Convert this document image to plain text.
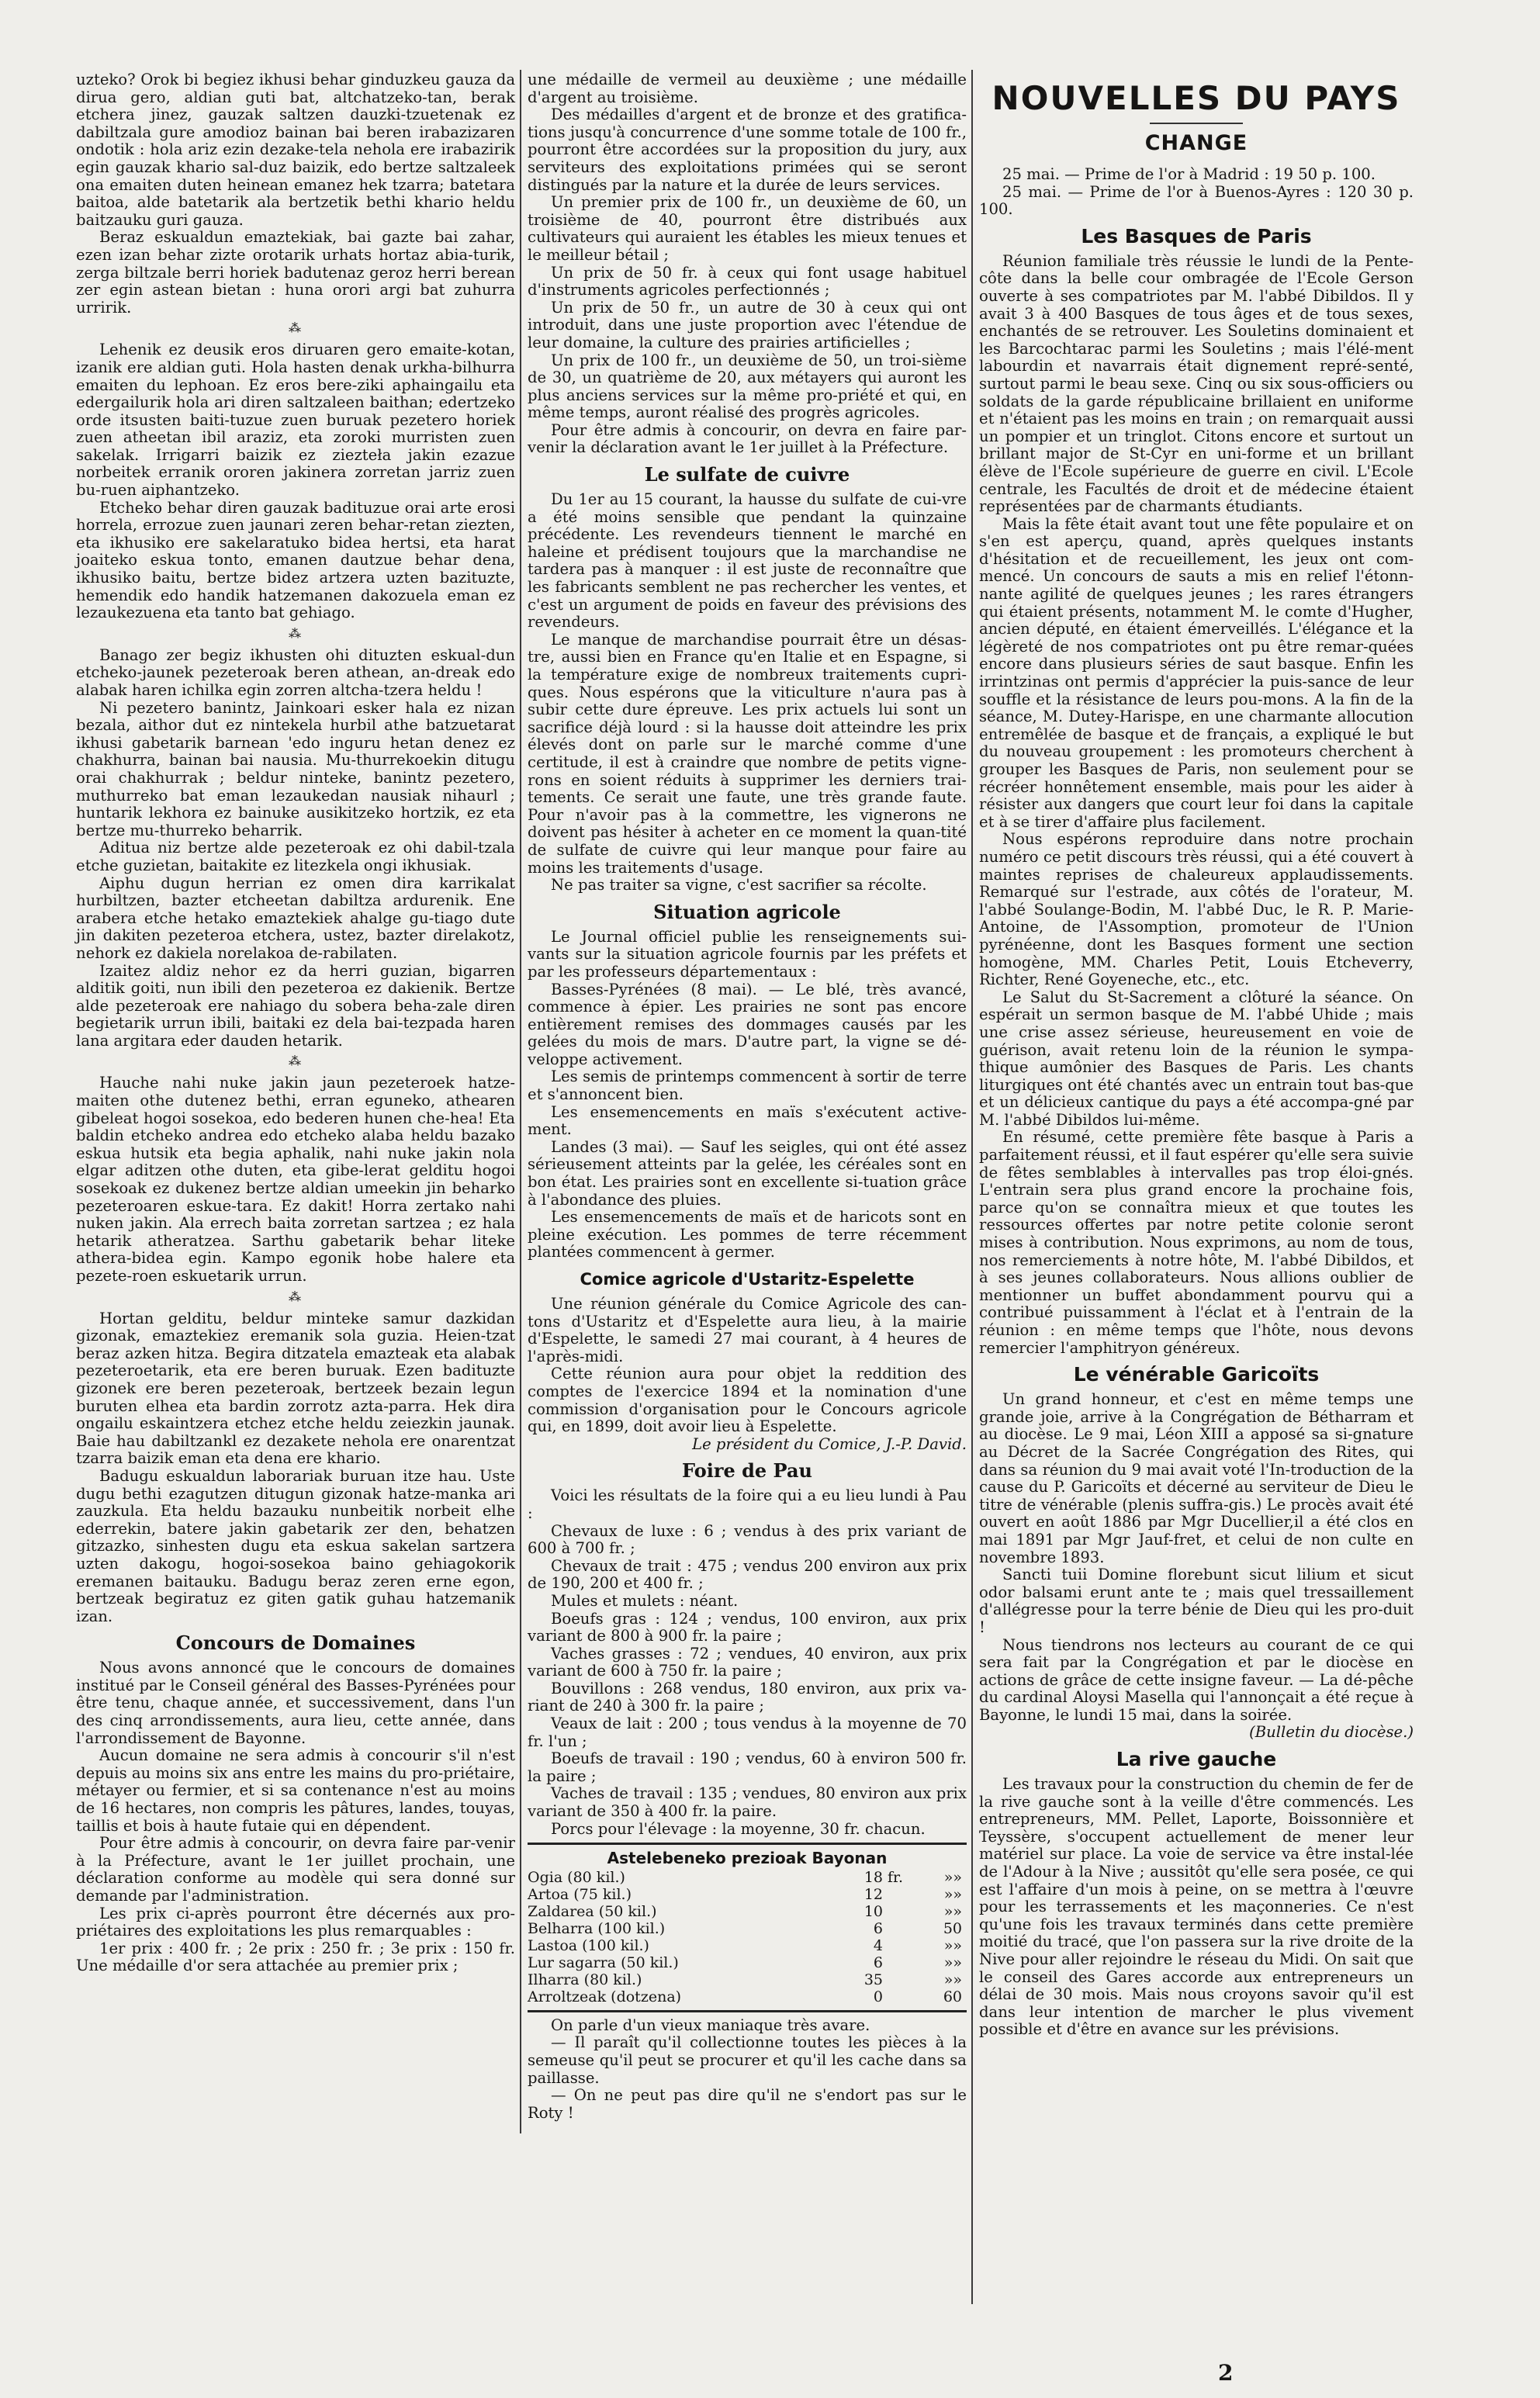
uzteko? Orok bi begiez ikhusi behar ginduzkeu gauza da dirua gero, aldian guti bat, altchatzeko-tan, berak etchera jinez, gauzak saltzen dauzki-tzuetenak ez dabiltzala gure amodioz bainan bai beren irabazizaren ondotik : hola ariz ezin dezake-tela nehola ere irabazirik egin gauzak khario sal-duz baizik, edo bertze saltzaleek ona emaiten duten heinean emanez hek tzarra; batetara baitoa, alde batetarik ala bertzetik bethi khario heldu baitzauku guri gauza.

Beraz eskualdun emaztekiak, bai gazte bai zahar, ezen izan behar zizte orotarik urhats hortaz abia-turik, zerga biltzale berri horiek badutenaz geroz herri berean zer egin astean bietan : huna orori argi bat zuhurra urririk.

⁂

Lehenik ez deusik eros diruaren gero emaite-kotan, izanik ere aldian guti. Hola hasten denak urkha-bilhurra emaiten du lephoan. Ez eros bere-ziki aphaingailu eta edergailurik hola ari diren saltzaleen baithan; edertzeko orde itsusten baiti-tuzue zuen buruak pezetero horiek zuen atheetan ibil araziz, eta zoroki murristen zuen sakelak. Irrigarri baizik ez ziezteła jakin ezazue norbeitek erranik ororen jakinera zorretan jarriz zuen bu-ruen aiphantzeko.

Etcheko behar diren gauzak badituzue orai arte erosi horrela, errozue zuen jaunari zeren behar-retan ziezten, eta ikhusiko ere sakelaratuko bidea hertsi, eta harat joaiteko eskua tonto, emanen dautzue behar dena, ikhusiko baitu, bertze bidez artzera uzten bazituzte, hemendik edo handik hatzemanen dakozuela eman ez lezaukezuena eta tanto bat gehiago.

⁂

Banago zer begiz ikhusten ohi dituzten eskual-dun etcheko-jaunek pezeteroak beren athean, an-dreak edo alabak haren ichilka egin zorren altcha-tzera heldu !

Ni pezetero banintz, Jainkoari esker hala ez nizan bezala, aithor dut ez nintekela hurbil athe batzuetarat ikhusi gabetarik barnean 'edo inguru hetan denez ez chakhurra, bainan bai nausia. Mu-thurrekoekin ditugu orai chakhurrak ; beldur ninteke, banintz pezetero, muthurreko bat eman lezaukedan nausiak nihaurl ; huntarik lekhora ez bainuke ausikitzeko hortzik, ez eta bertze mu-thurreko beharrik.

Aditua niz bertze alde pezeteroak ez ohi dabil-tzala etche guzietan, baitakite ez litezkela ongi ikhusiak.

Aiphu dugun herrian ez omen dira karrikalat hurbiltzen, bazter etcheetan dabiltza ardurenik. Ene arabera etche hetako emaztekiek ahalge gu-tiago dute jin dakiten pezeteroa etchera, ustez, bazter direlakotz, nehork ez dakiela norelakoa de-rabilaten.

Izaitez aldiz nehor ez da herri guzian, bigarren alditik goiti, nun ibili den pezeteroa ez dakienik. Bertze alde pezeteroak ere nahiago du sobera beha-zale diren begietarik urrun ibili, baitaki ez dela bai-tezpada haren lana argitara eder dauden hetarik.

⁂

Hauche nahi nuke jakin jaun pezeteroek hatze-maiten othe dutenez bethi, erran eguneko, athearen gibeleat hogoi sosekoa, edo bederen hunen che-hea! Eta baldin etcheko andrea edo etcheko alaba heldu bazako eskua hutsik eta begia aphalik, nahi nuke jakin nola elgar aditzen othe duten, eta gibe-lerat gelditu hogoi sosekoak ez dukenez bertze aldian umeekin jin beharko pezeteroaren eskue-tara. Ez dakit! Horra zertako nahi nuken jakin. Ala errech baita zorretan sartzea ; ez hala hetarik atheratzea. Sarthu gabetarik behar liteke athera-bidea egin. Kampo egonik hobe halere eta pezete-roen eskuetarik urrun.

⁂

Hortan gelditu, beldur minteke samur dazkidan gizonak, emaztekiez eremanik sola guzia. Heien-tzat beraz azken hitza. Begira ditzatela emazteak eta alabak pezeteroetarik, eta ere beren buruak. Ezen badituzte gizonek ere beren pezeteroak, bertzeek bezain legun buruten elhea eta bardin zorrotz azta-parra. Hek dira ongailu eskaintzera etchez etche heldu zeiezkin jaunak. Baie hau dabiltzankl ez dezakete nehola ere onarentzat tzarra baizik eman eta dena ere khario.

Badugu eskualdun laborariak buruan itze hau. Uste dugu bethi ezagutzen ditugun gizonak hatze-manka ari zauzkula. Eta heldu bazauku nunbeitik norbeit elhe ederrekin, batere jakin gabetarik zer den, behatzen gitzazko, sinhesten dugu eta eskua sakelan sartzera uzten dakogu, hogoi-sosekoa baino gehiagokorik eremanen baitauku. Badugu beraz zeren erne egon, bertzeak begiratuz ez giten gatik guhau hatzemanik izan.

Concours de Domaines

Nous avons annoncé que le concours de domaines institué par le Conseil général des Basses-Pyrénées pour être tenu, chaque année, et successivement, dans l'un des cinq arrondissements, aura lieu, cette année, dans l'arrondissement de Bayonne.

Aucun domaine ne sera admis à concourir s'il n'est depuis au moins six ans entre les mains du pro-priétaire, métayer ou fermier, et si sa contenance n'est au moins de 16 hectares, non compris les pâtures, landes, touyas, taillis et bois à haute futaie qui en dépendent.

Pour être admis à concourir, on devra faire par-venir à la Préfecture, avant le 1er juillet prochain, une déclaration conforme au modèle qui sera donné sur demande par l'administration.

Les prix ci-après pourront être décernés aux pro-priétaires des exploitations les plus remarquables :

1er prix : 400 fr. ; 2e prix : 250 fr. ; 3e prix : 150 fr. Une médaille d'or sera attachée au premier prix ;

une médaille de vermeil au deuxième ; une médaille d'argent au troisième.

Des médailles d'argent et de bronze et des gratifica-tions jusqu'à concurrence d'une somme totale de 100 fr., pourront être accordées sur la proposition du jury, aux serviteurs des exploitations primées qui se seront distingués par la nature et la durée de leurs services.

Un premier prix de 100 fr., un deuxième de 60, un troisième de 40, pourront être distribués aux cultivateurs qui auraient les étables les mieux tenues et le meilleur bétail ;

Un prix de 50 fr. à ceux qui font usage habituel d'instruments agricoles perfectionnés ;

Un prix de 50 fr., un autre de 30 à ceux qui ont introduit, dans une juste proportion avec l'étendue de leur domaine, la culture des prairies artificielles ;

Un prix de 100 fr., un deuxième de 50, un troi-sième de 30, un quatrième de 20, aux métayers qui auront les plus anciens services sur la même pro-priété et qui, en même temps, auront réalisé des progrès agricoles.

Pour être admis à concourir, on devra en faire par-venir la déclaration avant le 1er juillet à la Préfecture.

Le sulfate de cuivre

Du 1er au 15 courant, la hausse du sulfate de cui-vre a été moins sensible que pendant la quinzaine précédente. Les revendeurs tiennent le marché en haleine et prédisent toujours que la marchandise ne tardera pas à manquer : il est juste de reconnaître que les fabricants semblent ne pas rechercher les ventes, et c'est un argument de poids en faveur des prévisions des revendeurs.

Le manque de marchandise pourrait être un désas-tre, aussi bien en France qu'en Italie et en Espagne, si la température exige de nombreux traitements cupri-ques. Nous espérons que la viticulture n'aura pas à subir cette dure épreuve. Les prix actuels lui sont un sacrifice déjà lourd : si la hausse doit atteindre les prix élevés dont on parle sur le marché comme d'une certitude, il est à craindre que nombre de petits vigne-rons en soient réduits à supprimer les derniers trai-tements. Ce serait une faute, une très grande faute. Pour n'avoir pas à la commettre, les vignerons ne doivent pas hésiter à acheter en ce moment la quan-tité de sulfate de cuivre qui leur manque pour faire au moins les traitements d'usage.

Ne pas traiter sa vigne, c'est sacrifier sa récolte.

Situation agricole

Le Journal officiel publie les renseignements sui-vants sur la situation agricole fournis par les préfets et par les professeurs départementaux :

Basses-Pyrénées (8 mai). — Le blé, très avancé, commence à épier. Les prairies ne sont pas encore entièrement remises des dommages causés par les gelées du mois de mars. D'autre part, la vigne se dé-veloppe activement.

Les semis de printemps commencent à sortir de terre et s'annoncent bien.

Les ensemencements en maïs s'exécutent active-ment.

Landes (3 mai). — Sauf les seigles, qui ont été assez sérieusement atteints par la gelée, les céréales sont en bon état. Les prairies sont en excellente si-tuation grâce à l'abondance des pluies.

Les ensemencements de maïs et de haricots sont en pleine exécution. Les pommes de terre récemment plantées commencent à germer.

Comice agricole d'Ustaritz-Espelette

Une réunion générale du Comice Agricole des can-tons d'Ustaritz et d'Espelette aura lieu, à la mairie d'Espelette, le samedi 27 mai courant, à 4 heures de l'après-midi.

Cette réunion aura pour objet la reddition des comptes de l'exercice 1894 et la nomination d'une commission d'organisation pour le Concours agricole qui, en 1899, doit avoir lieu à Espelette.

Le président du Comice, J.-P. David.
Foire de Pau

Voici les résultats de la foire qui a eu lieu lundi à Pau :

Chevaux de luxe : 6 ; vendus à des prix variant de 600 à 700 fr. ;

Chevaux de trait : 475 ; vendus 200 environ aux prix de 190, 200 et 400 fr. ;

Mules et mulets : néant.

Boeufs gras : 124 ; vendus, 100 environ, aux prix variant de 800 à 900 fr. la paire ;

Vaches grasses : 72 ; vendues, 40 environ, aux prix variant de 600 à 750 fr. la paire ;

Bouvillons : 268 vendus, 180 environ, aux prix va-riant de 240 à 300 fr. la paire ;

Veaux de lait : 200 ; tous vendus à la moyenne de 70 fr. l'un ;

Boeufs de travail : 190 ; vendus, 60 à environ 500 fr. la paire ;

Vaches de travail : 135 ; vendues, 80 environ aux prix variant de 350 à 400 fr. la paire.

Porcs pour l'élevage : la moyenne, 30 fr. chacun.

Astelebeneko prezioak Bayonan
Ogia (80 kil.)	18	fr.	»»
Artoa (75 kil.)	12		»»
Zaldarea (50 kil.)	10		»»
Belharra (100 kil.)	6		50
Lastoa (100 kil.)	4		»»
Lur sagarra (50 kil.)	6		»»
Ilharra (80 kil.)	35		»»
Arroltzeak (dotzena)	0		60

On parle d'un vieux maniaque très avare.

— Il paraît qu'il collectionne toutes les pièces à la semeuse qu'il peut se procurer et qu'il les cache dans sa paillasse.

— On ne peut pas dire qu'il ne s'endort pas sur le Roty !

NOUVELLES DU PAYS
CHANGE

25 mai. — Prime de l'or à Madrid : 19 50 p. 100.

25 mai. — Prime de l'or à Buenos-Ayres : 120 30 p. 100.

Les Basques de Paris

Réunion familiale très réussie le lundi de la Pente-côte dans la belle cour ombragée de l'Ecole Gerson ouverte à ses compatriotes par M. l'abbé Dibildos. Il y avait 3 à 400 Basques de tous âges et de tous sexes, enchantés de se retrouver. Les Souletins dominaient et les Barcochtarac parmi les Souletins ; mais l'élé-ment labourdin et navarrais était dignement repré-senté, surtout parmi le beau sexe. Cinq ou six sous-officiers ou soldats de la garde républicaine brillaient en uniforme et n'étaient pas les moins en train ; on remarquait aussi un pompier et un tringlot. Citons encore et surtout un brillant major de St-Cyr en uni-forme et un brillant élève de l'Ecole supérieure de guerre en civil. L'Ecole centrale, les Facultés de droit et de médecine étaient représentées par de charmants étudiants.

Mais la fête était avant tout une fête populaire et on s'en est aperçu, quand, après quelques instants d'hésitation et de recueillement, les jeux ont com-mencé. Un concours de sauts a mis en relief l'étonn-nante agilité de quelques jeunes ; les rares étrangers qui étaient présents, notamment M. le comte d'Hugher, ancien député, en étaient émerveillés. L'élégance et la légèreté de nos compatriotes ont pu être remar-quées encore dans plusieurs séries de saut basque. Enfin les irrintzinas ont permis d'apprécier la puis-sance de leur souffle et la résistance de leurs pou-mons. A la fin de la séance, M. Dutey-Harispe, en une charmante allocution entremêlée de basque et de français, a expliqué le but du nouveau groupement : les promoteurs cherchent à grouper les Basques de Paris, non seulement pour se récréer honnêtement ensemble, mais pour les aider à résister aux dangers que court leur foi dans la capitale et à se tirer d'affaire plus facilement.

Nous espérons reproduire dans notre prochain numéro ce petit discours très réussi, qui a été couvert à maintes reprises de chaleureux applaudissements. Remarqué sur l'estrade, aux côtés de l'orateur, M. l'abbé Soulange-Bodin, M. l'abbé Duc, le R. P. Marie-Antoine, de l'Assomption, promoteur de l'Union pyrénéenne, dont les Basques forment une section homogène, MM. Charles Petit, Louis Etcheverry, Richter, René Goyeneche, etc., etc.

Le Salut du St-Sacrement a clôturé la séance. On espérait un sermon basque de M. l'abbé Uhide ; mais une crise assez sérieuse, heureusement en voie de guérison, avait retenu loin de la réunion le sympa-thique aumônier des Basques de Paris. Les chants liturgiques ont été chantés avec un entrain tout bas-que et un délicieux cantique du pays a été accompa-gné par M. l'abbé Dibildos lui-même.

En résumé, cette première fête basque à Paris a parfaitement réussi, et il faut espérer qu'elle sera suivie de fêtes semblables à intervalles pas trop éloi-gnés. L'entrain sera plus grand encore la prochaine fois, parce qu'on se connaîtra mieux et que toutes les ressources offertes par notre petite colonie seront mises à contribution. Nous exprimons, au nom de tous, nos remerciements à notre hôte, M. l'abbé Dibildos, et à ses jeunes collaborateurs. Nous allions oublier de mentionner un buffet abondamment pourvu qui a contribué puissamment à l'éclat et à l'entrain de la réunion : en même temps que l'hôte, nous devons remercier l'amphitryon généreux.

Le vénérable Garicoïts

Un grand honneur, et c'est en même temps une grande joie, arrive à la Congrégation de Bétharram et au diocèse. Le 9 mai, Léon XIII a apposé sa si-gnature au Décret de la Sacrée Congrégation des Rites, qui dans sa réunion du 9 mai avait voté l'In-troduction de la cause du P. Garicoïts et décerné au serviteur de Dieu le titre de vénérable (plenis suffra-gis.) Le procès avait été ouvert en août 1886 par Mgr Ducellier,il a été clos en mai 1891 par Mgr Jauf-fret, et celui de non culte en novembre 1893.

Sancti tuii Domine florebunt sicut lilium et sicut odor balsami erunt ante te ; mais quel tressaillement d'allégresse pour la terre bénie de Dieu qui les pro-duit !

Nous tiendrons nos lecteurs au courant de ce qui sera fait par la Congrégation et par le diocèse en actions de grâce de cette insigne faveur. — La dé-pêche du cardinal Aloysi Masella qui l'annonçait a été reçue à Bayonne, le lundi 15 mai, dans la soirée.

(Bulletin du diocèse.)
La rive gauche

Les travaux pour la construction du chemin de fer de la rive gauche sont à la veille d'être commencés. Les entrepreneurs, MM. Pellet, Laporte, Boissonnière et Teyssère, s'occupent actuellement de mener leur matériel sur place. La voie de service va être instal-lée de l'Adour à la Nive ; aussitôt qu'elle sera posée, ce qui est l'affaire d'un mois à peine, on se mettra à l'œuvre pour les terrassements et les maçonneries. Ce n'est qu'une fois les travaux terminés dans cette première moitié du tracé, que l'on passera sur la rive droite de la Nive pour aller rejoindre le réseau du Midi. On sait que le conseil des Gares accorde aux entrepreneurs un délai de 30 mois. Mais nous croyons savoir qu'il est dans leur intention de marcher le plus vivement possible et d'être en avance sur les prévisions.

2
